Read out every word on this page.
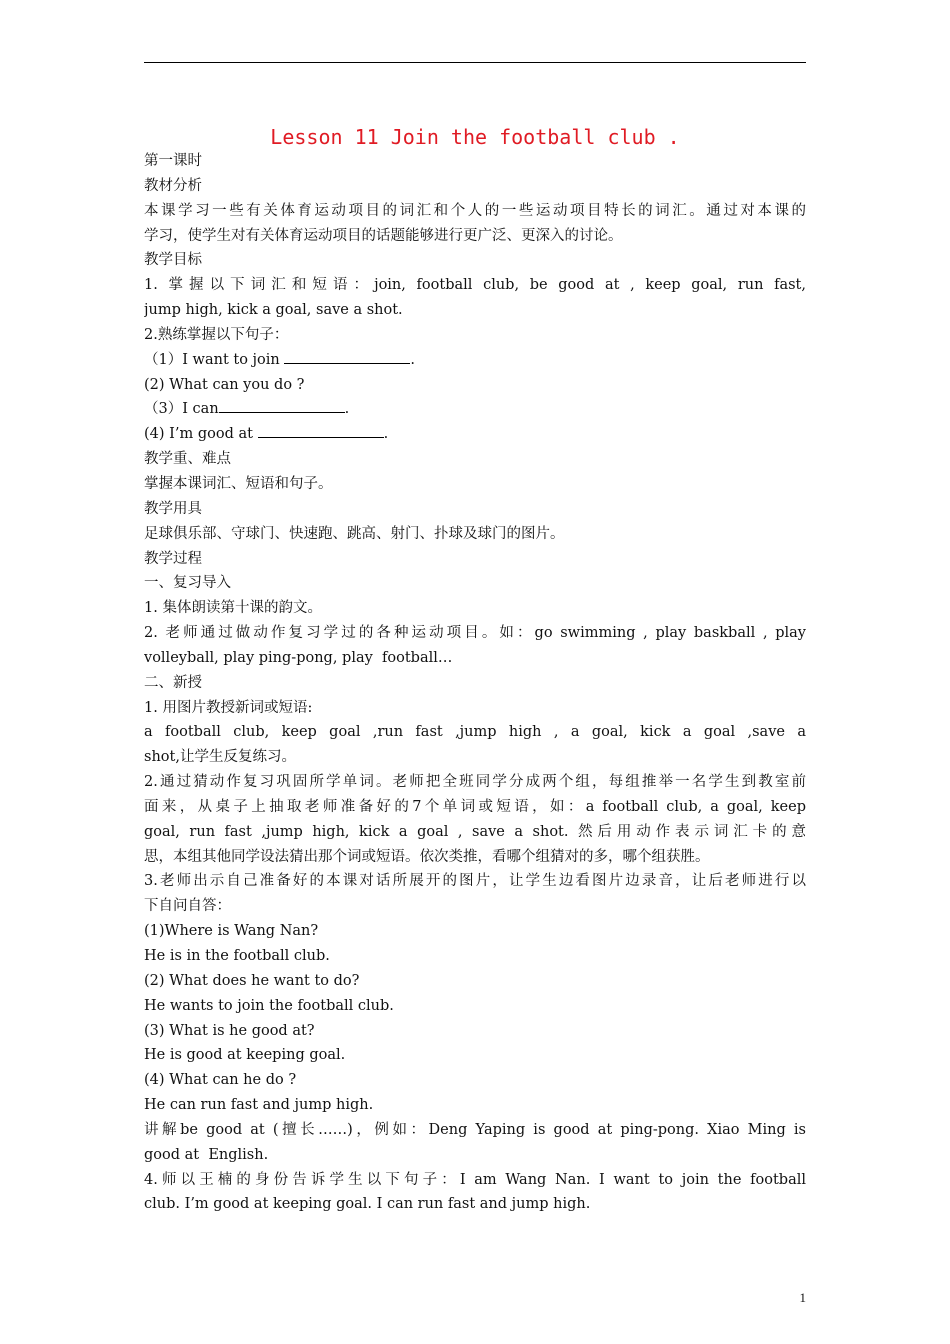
Lesson 11 Join the football club .
第一课时
教材分析
本课学习一些有关体育运动项目的词汇和个人的一些运动项目特长的词汇。通过对本课的
学习，使学生对有关体育运动项目的话题能够进行更广泛、更深入的讨论。
教学目标
1. 掌握以下词汇和短语：join, football club, be good at , keep goal, run fast,
jump high, kick a goal, save a shot.
2.熟练掌握以下句子：
（1）I want to join	.
(2) What can you do ?
（3）I can	.
(4) I’m good at	.
教学重、难点
掌握本课词汇、短语和句子。
教学用具
足球俱乐部、守球门、快速跑、跳高、射门、扑球及球门的图片。
教学过程
一、复习导入
1. 集体朗读第十课的韵文。
2. 老师通过做动作复习学过的各种运动项目。如：go swimming , play baskball , play
volleyball, play ping-pong, play  football…
二、新授
1. 用图片教授新词或短语:
a football club, keep goal ,run fast ,jump high , a goal, kick a goal ,save a
shot,让学生反复练习。
2.通过猜动作复习巩固所学单词。老师把全班同学分成两个组，每组推举一名学生到教室前
面来，从桌子上抽取老师准备好的7个单词或短语，如：a football club, a goal, keep
goal, run fast ,jump high, kick a goal , save a shot. 然后用动作表示词汇卡的意
思，本组其他同学设法猜出那个词或短语。依次类推，看哪个组猜对的多，哪个组获胜。
3.老师出示自己准备好的本课对话所展开的图片，让学生边看图片边录音，让后老师进行以
下自问自答：
(1)Where is Wang Nan?
He is in the football club.
(2) What does he want to do?
He wants to join the football club.
(3) What is he good at?
He is good at keeping goal.
(4) What can he do ?
He can run fast and jump high.
讲解be good at (擅长……)，例如：Deng Yaping is good at ping-pong. Xiao Ming is
good at  English.
4.师以王楠的身份告诉学生以下句子：I am Wang Nan. I want to join the football
club. I’m good at keeping goal. I can run fast and jump high.
1
